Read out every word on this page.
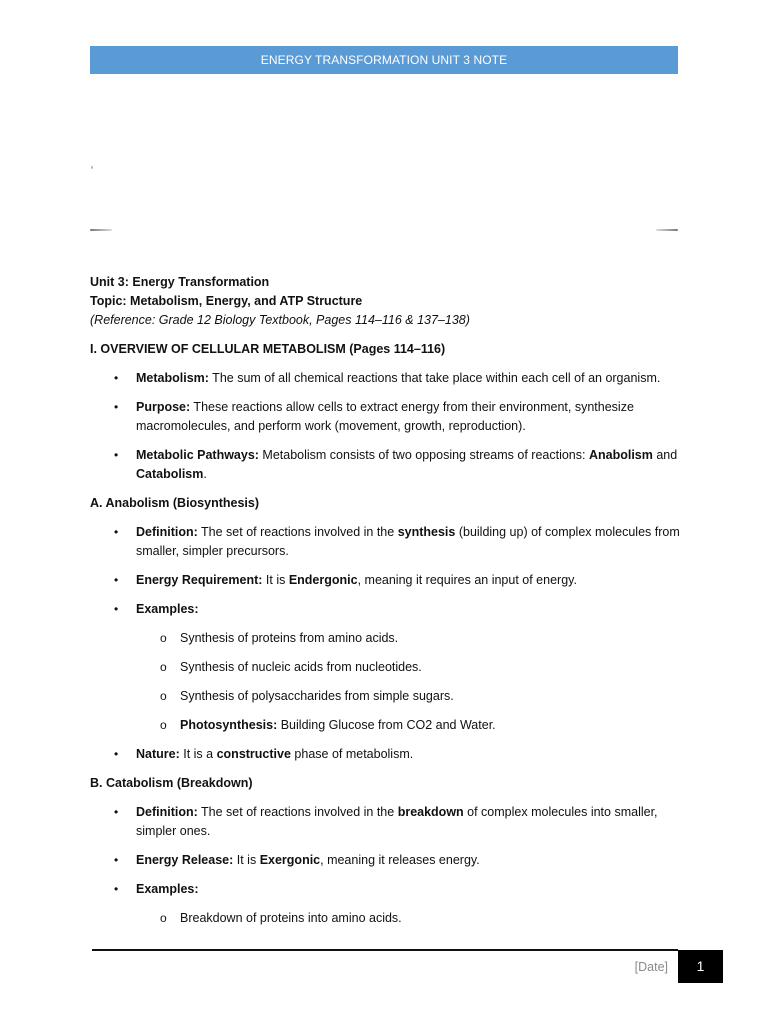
ENERGY TRANSFORMATION UNIT 3 NOTE
‘

Unit 3: Energy Transformation

Topic: Metabolism, Energy, and ATP Structure

(Reference: Grade 12 Biology Textbook, Pages 114–116 & 137–138)

I. OVERVIEW OF CELLULAR METABOLISM (Pages 114–116)

• Metabolism: The sum of all chemical reactions that take place within each cell of an organism.
• Purpose: These reactions allow cells to extract energy from their environment, synthesize macromolecules, and perform work (movement, growth, reproduction).
• Metabolic Pathways: Metabolism consists of two opposing streams of reactions: Anabolism and Catabolism.

A. Anabolism (Biosynthesis)

• Definition: The set of reactions involved in the synthesis (building up) of complex molecules from smaller, simpler precursors.
• Energy Requirement: It is Endergonic, meaning it requires an input of energy.
• Examples:
o Synthesis of proteins from amino acids.
o Synthesis of nucleic acids from nucleotides.
o Synthesis of polysaccharides from simple sugars.
o Photosynthesis: Building Glucose from CO2 and Water.
• Nature: It is a constructive phase of metabolism.

B. Catabolism (Breakdown)

• Definition: The set of reactions involved in the breakdown of complex molecules into smaller, simpler ones.
• Energy Release: It is Exergonic, meaning it releases energy.
• Examples:
o Breakdown of proteins into amino acids.
[Date]	1
